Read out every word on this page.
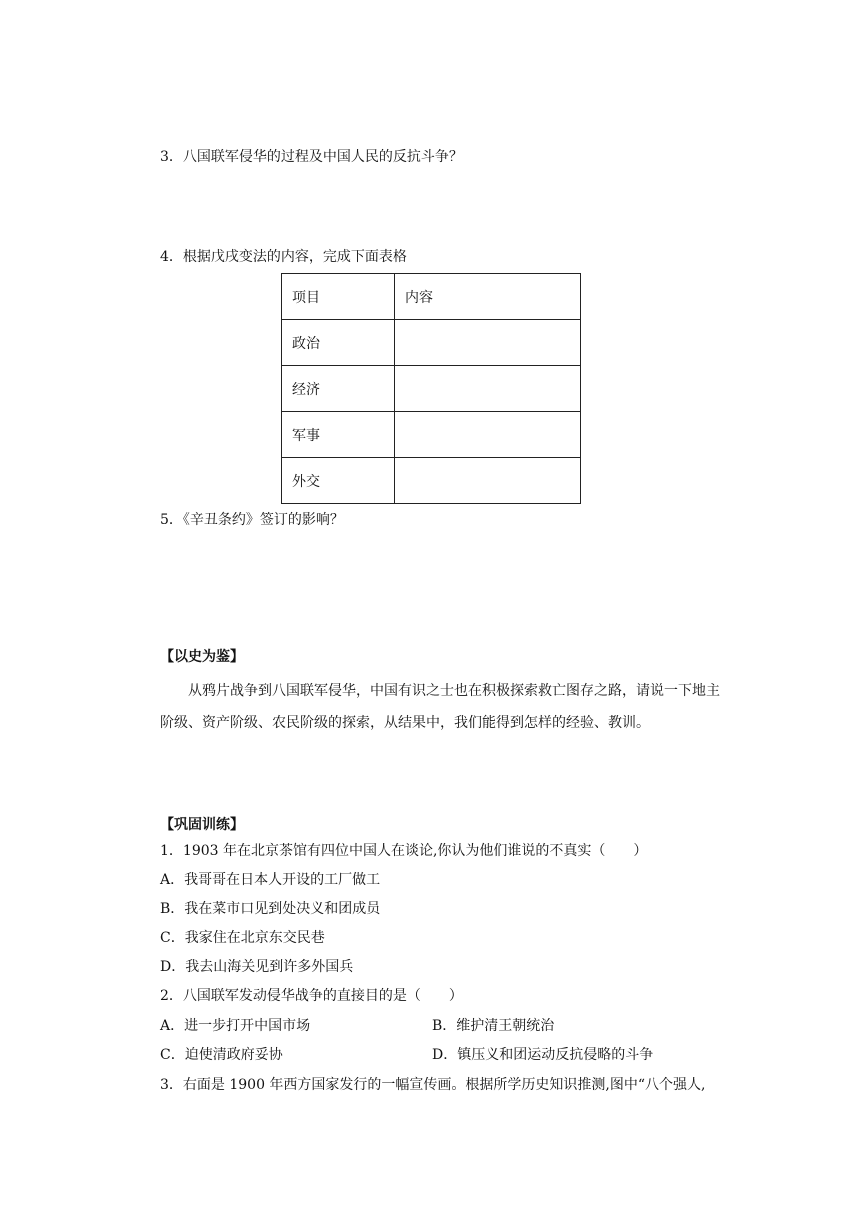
3．八国联军侵华的过程及中国人民的反抗斗争？
4．根据戊戌变法的内容，完成下面表格
项目	内容
政治	
经济	
军事	
外交	
5．《辛丑条约》签订的影响？
【以史为鉴】
从鸦片战争到八国联军侵华，中国有识之士也在积极探索救亡图存之路，请说一下地主
阶级、资产阶级、农民阶级的探索，从结果中，我们能得到怎样的经验、教训。
【巩固训练】
1．1903 年在北京茶馆有四位中国人在谈论,你认为他们谁说的不真实（　　）
A．我哥哥在日本人开设的工厂做工
B．我在菜市口见到处决义和团成员
C．我家住在北京东交民巷
D．我去山海关见到许多外国兵
2．八国联军发动侵华战争的直接目的是（　　）
A．进一步打开中国市场	B．维护清王朝统治
C．迫使清政府妥协	D．镇压义和团运动反抗侵略的斗争
3．右面是 1900 年西方国家发行的一幅宣传画。根据所学历史知识推测,图中“八个强人,
